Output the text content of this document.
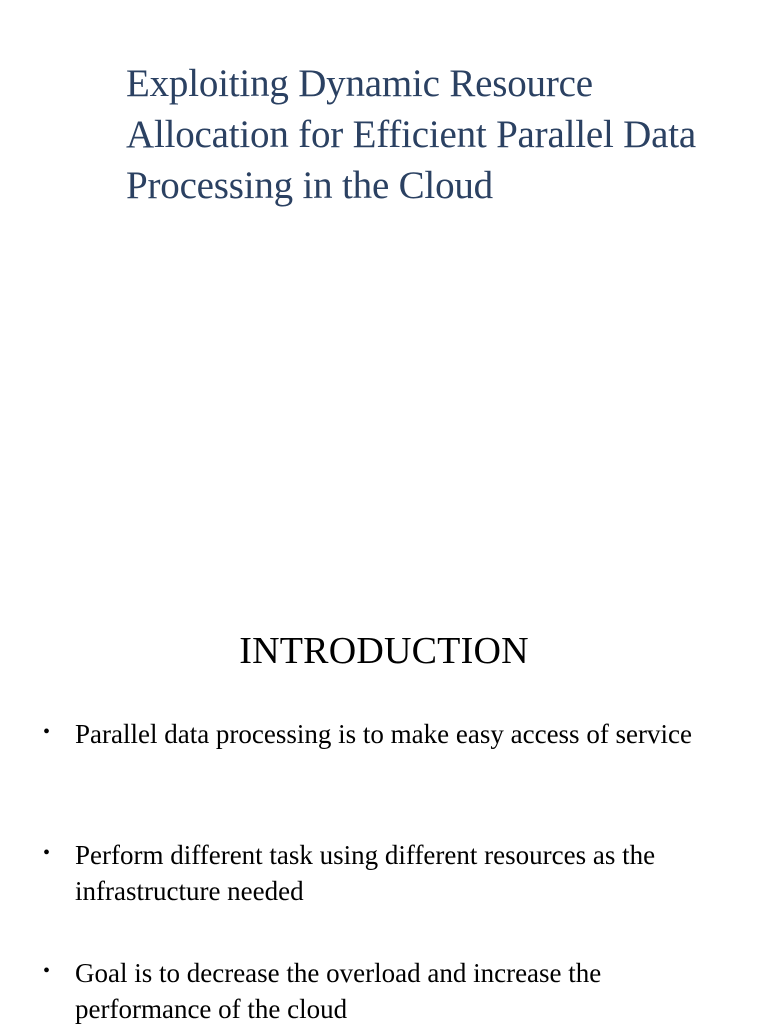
Exploiting Dynamic Resource Allocation for Efficient Parallel Data Processing in the Cloud
INTRODUCTION
• Parallel data processing is to make easy access of service
• Perform different task using different resources as the infrastructure needed
• Goal is to decrease the overload and increase the performance of the cloud
